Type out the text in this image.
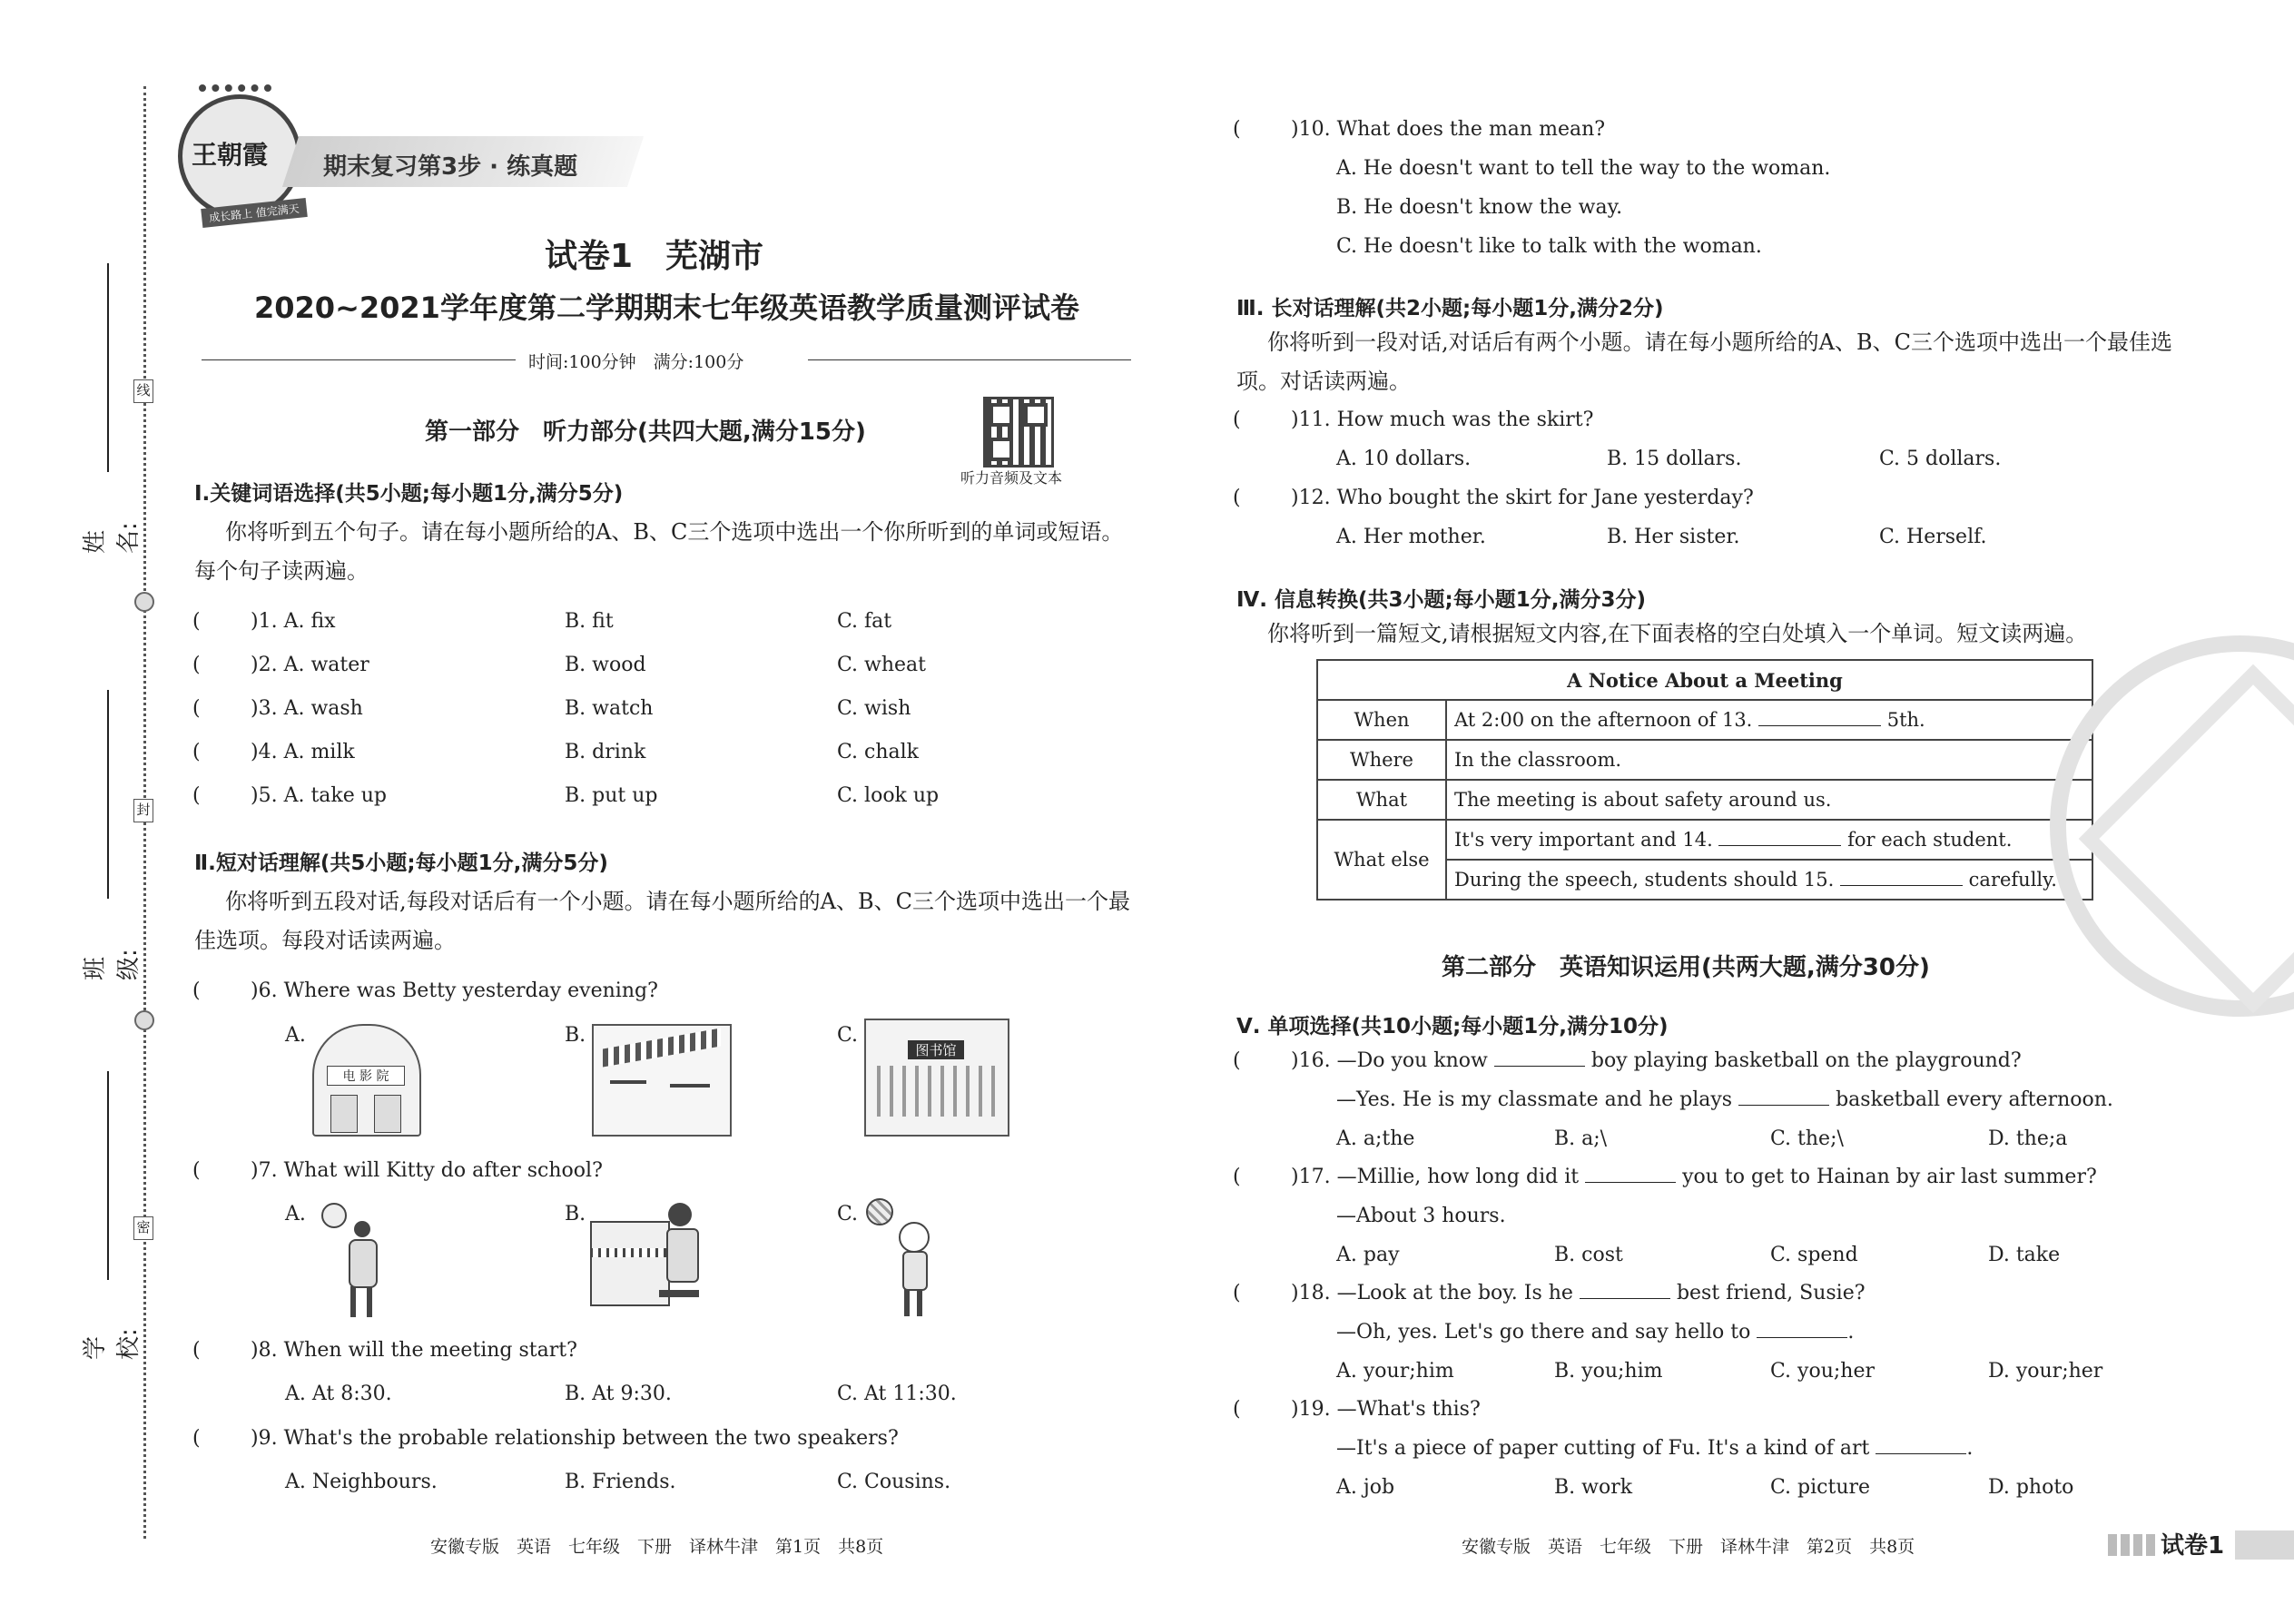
线
封
密
姓名:
班级:
学校:
王朝霞
成长路上 值完满天
期末复习第3步 · 练真题
试卷1　芜湖市
2020~2021学年度第二学期期末七年级英语教学质量测评试卷
时间:100分钟　满分:100分
第一部分　听力部分(共四大题,满分15分)
听力音频及文本
Ⅰ.关键词语选择(共5小题;每小题1分,满分5分)
你将听到五个句子。请在每小题所给的A、B、C三个选项中选出一个你所听到的单词或短语。每个句子读两遍。
(	)1. A. fix	B. fit	C. fat
(	)2. A. water	B. wood	C. wheat
(	)3. A. wash	B. watch	C. wish
(	)4. A. milk	B. drink	C. chalk
(	)5. A. take up	B. put up	C. look up
Ⅱ.短对话理解(共5小题;每小题1分,满分5分)
你将听到五段对话,每段对话后有一个小题。请在每小题所给的A、B、C三个选项中选出一个最佳选项。每段对话读两遍。
(	)6. Where was Betty yesterday evening?
A.
电 影 院
B.	C.
图书馆
(	)7. What will Kitty do after school?
A.	B.	C.
(	)8. When will the meeting start?
A. At 8:30.	B. At 9:30.	C. At 11:30.
(	)9. What's the probable relationship between the two speakers?
A. Neighbours.	B. Friends.	C. Cousins.
安徽专版　英语　七年级　下册　译林牛津　第1页　共8页
(	)10. What does the man mean?
A. He doesn't want to tell the way to the woman.
B. He doesn't know the way.
C. He doesn't like to talk with the woman.
Ⅲ. 长对话理解(共2小题;每小题1分,满分2分)
你将听到一段对话,对话后有两个小题。请在每小题所给的A、B、C三个选项中选出一个最佳选项。对话读两遍。
(	)11. How much was the skirt?
A. 10 dollars.	B. 15 dollars.	C. 5 dollars.
(	)12. Who bought the skirt for Jane yesterday?
A. Her mother.	B. Her sister.	C. Herself.
Ⅳ. 信息转换(共3小题;每小题1分,满分3分)
你将听到一篇短文,请根据短文内容,在下面表格的空白处填入一个单词。短文读两遍。
A Notice About a Meeting	
When	At 2:00 on the afternoon of 13. 5th.
Where	In the classroom.
What	The meeting is about safety around us.
What else	It's very important and 14. for each student.
	During the speech, students should 15. carefully.
第二部分　英语知识运用(共两大题,满分30分)
Ⅴ. 单项选择(共10小题;每小题1分,满分10分)
(	)16. —Do you know	boy playing basketball on the playground?
—Yes. He is my classmate and he plays	basketball every afternoon.
A. a;the	B. a;\	C. the;\	D. the;a
(	)17. —Millie, how long did it	you to get to Hainan by air last summer?
—About 3 hours.
A. pay	B. cost	C. spend	D. take
(	)18. —Look at the boy. Is he	best friend, Susie?
—Oh, yes. Let's go there and say hello to	.
A. your;him	B. you;him	C. you;her	D. your;her
(	)19. —What's this?
—It's a piece of paper cutting of Fu. It's a kind of art	.
A. job	B. work	C. picture	D. photo
安徽专版　英语　七年级　下册　译林牛津　第2页　共8页	试卷1
